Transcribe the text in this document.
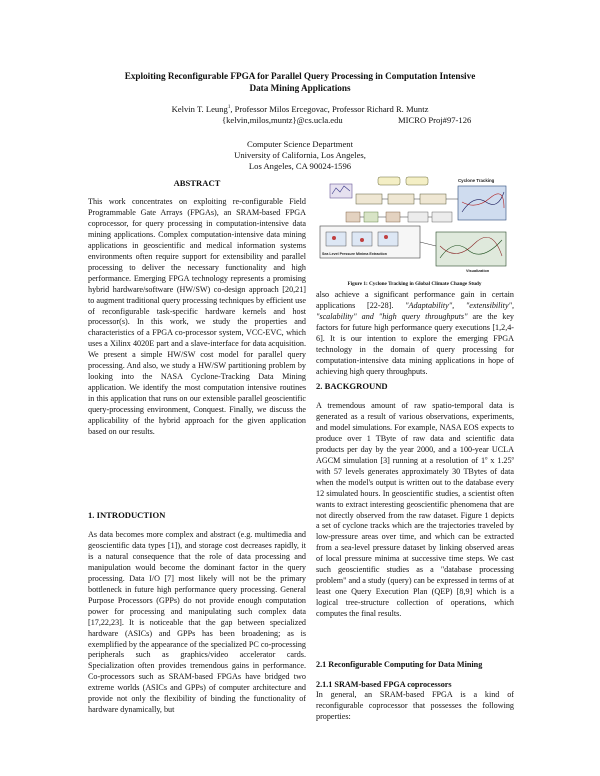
Exploiting Reconfigurable FPGA for Parallel Query Processing in Computation Intensive
Data Mining Applications
Kelvin T. Leung$^1$, Professor Milos Ercegovac, Professor Richard R. Muntz
{kelvin,milos,muntz}@cs.ucla.edu	MICRO Proj#97-126
Computer Science Department
University of California, Los Angeles,
Los Angeles, CA 90024-1596
ABSTRACT

This work concentrates on exploiting re-configurable Field Programmable Gate Arrays (FPGAs), an SRAM-based FPGA coprocessor, for query processing in computation-intensive data mining applications. Complex computation-intensive data mining applications in geoscientific and medical information systems environments often require support for extensibility and parallel processing to deliver the necessary functionality and high performance. Emerging FPGA technology represents a promising hybrid hardware/software (HW/SW) co-design approach [20,21] to augment traditional query processing techniques by efficient use of reconfigurable task-specific hardware kernels and host processor(s). In this work, we study the properties and characteristics of a FPGA co-processor system, VCC-EVC, which uses a Xilinx 4020E part and a slave-interface for data acquisition. We present a simple HW/SW cost model for parallel query processing. And also, we study a HW/SW partitioning problem by looking into the NASA Cyclone-Tracking Data Mining application. We identify the most computation intensive routines in this application that runs on our extensible parallel geoscientific query-processing environment, Conquest. Finally, we discuss the applicability of the hybrid approach for the given application based on our results.

1. INTRODUCTION

As data becomes more complex and abstract (e.g. multimedia and geoscientific data types [1]), and storage cost decreases rapidly, it is a natural consequence that the role of data processing and manipulation would become the dominant factor in the query processing. Data I/O [7] most likely will not be the primary bottleneck in future high performance query processing. General Purpose Processors (GPPs) do not provide enough computation power for processing and manipulating such complex data [17,22,23]. It is noticeable that the gap between specialized hardware (ASICs) and GPPs has been broadening; as is exemplified by the appearance of the specialized PC co-processing peripherals such as graphics/video accelerator cards. Specialization often provides tremendous gains in performance. Co-processors such as SRAM-based FPGAs have bridged two extreme worlds (ASICs and GPPs) of computer architecture and provide not only the flexibility of binding the functionality of hardware dynamically, but

Cyclone Tracking
Sea Level Pressure Minima Extraction
Visualization
Figure 1: Cyclone Tracking in Global Climate Change Study

also achieve a significant performance gain in certain applications [22-28]. "Adaptability", "extensibility", "scalability" and "high query throughputs" are the key factors for future high performance query executions [1,2,4-6]. It is our intention to explore the emerging FPGA technology in the domain of query processing for computation-intensive data mining applications in hope of achieving high query throughputs.

2. BACKGROUND

A tremendous amount of raw spatio-temporal data is generated as a result of various observations, experiments, and model simulations. For example, NASA EOS expects to produce over 1 TByte of raw data and scientific data products per day by the year 2000, and a 100-year UCLA AGCM simulation [3] running at a resolution of 1$^o$ x 1.25$^o$ with 57 levels generates approximately 30 TBytes of data when the model's output is written out to the database every 12 simulated hours. In geoscientific studies, a scientist often wants to extract interesting geoscientific phenomena that are not directly observed from the raw dataset. Figure 1 depicts a set of cyclone tracks which are the trajectories traveled by low-pressure areas over time, and which can be extracted from a sea-level pressure dataset by linking observed areas of local pressure minima at successive time steps. We cast such geoscientific studies as a "database processing problem" and a study (query) can be expressed in terms of at least one Query Execution Plan (QEP) [8,9] which is a logical tree-structure collection of operations, which computes the final results.

2.1 Reconfigurable Computing for Data Mining
2.1.1 SRAM-based FPGA coprocessors

In general, an SRAM-based FPGA is a kind of reconfigurable coprocessor that possesses the following properties:
